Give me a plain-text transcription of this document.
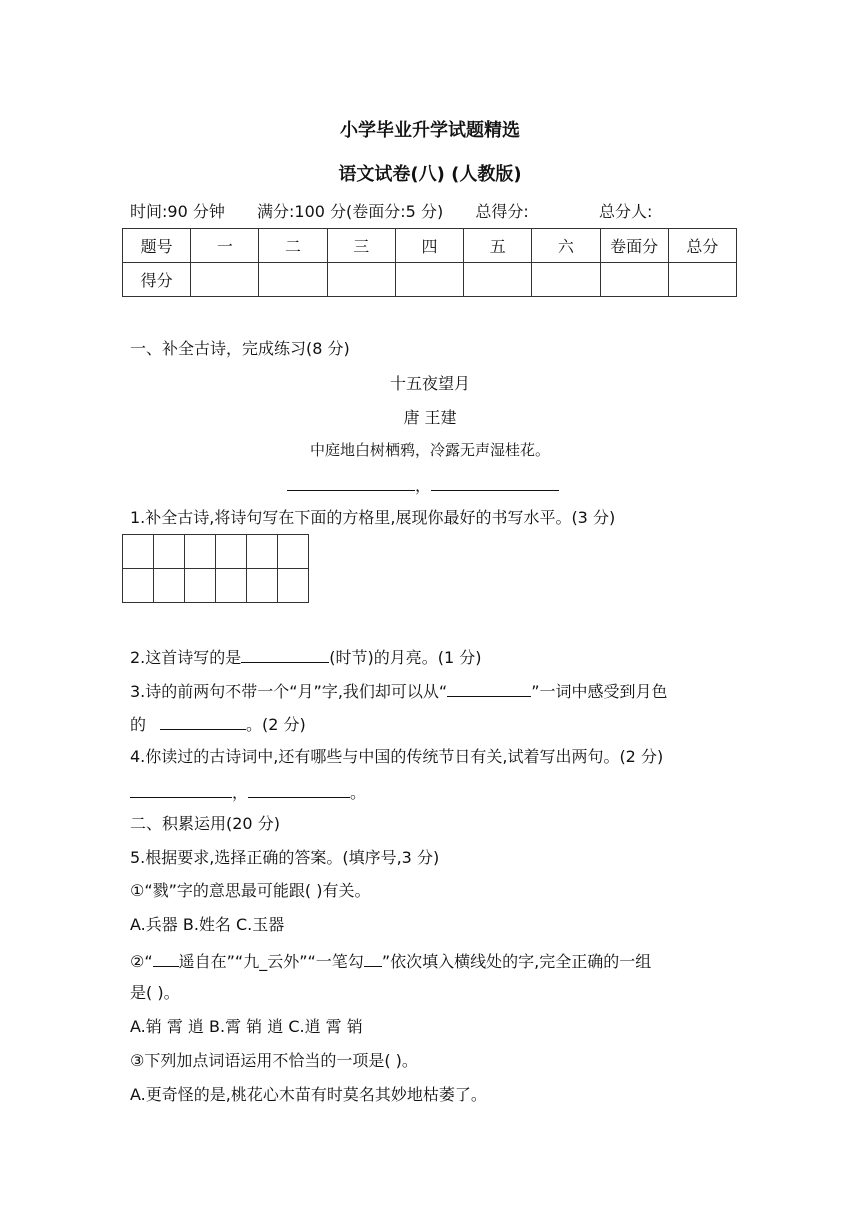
小学毕业升学试题精选
语文试卷(八) (人教版)
时间:90 分钟 满分:100 分(卷面分:5 分) 总得分:	总分人:
题号	一	二	三	四	五	六	卷面分	总分
得分								
一、补全古诗，完成练习(8 分)
十五夜望月
唐 王建
中庭地白树栖鸦，冷露无声湿桂花。
，
1.补全古诗,将诗句写在下面的方格里,展现你最好的书写水平。(3 分)

2.这首诗写的是	(时节)的月亮。(1 分)
3.诗的前两句不带一个“月”字,我们却可以从“	”一词中感受到月色
的	。(2 分)
4.你读过的古诗词中,还有哪些与中国的传统节日有关,试着写出两句。(2 分)
，	。
二、积累运用(20 分)
5.根据要求,选择正确的答案。(填序号,3 分)
①“戮”字的意思最可能跟( )有关。
A.兵器 B.姓名 C.玉器
②“ 遥自在”“九_云外”“一笔勾 ”依次填入横线处的字,完全正确的一组
是( )。
A.销 霄 逍 B.霄 销 逍 C.逍 霄 销
③下列加点词语运用不恰当的一项是( )。
A.更奇怪的是,桃花心木苗有时莫名其妙地枯萎了。
